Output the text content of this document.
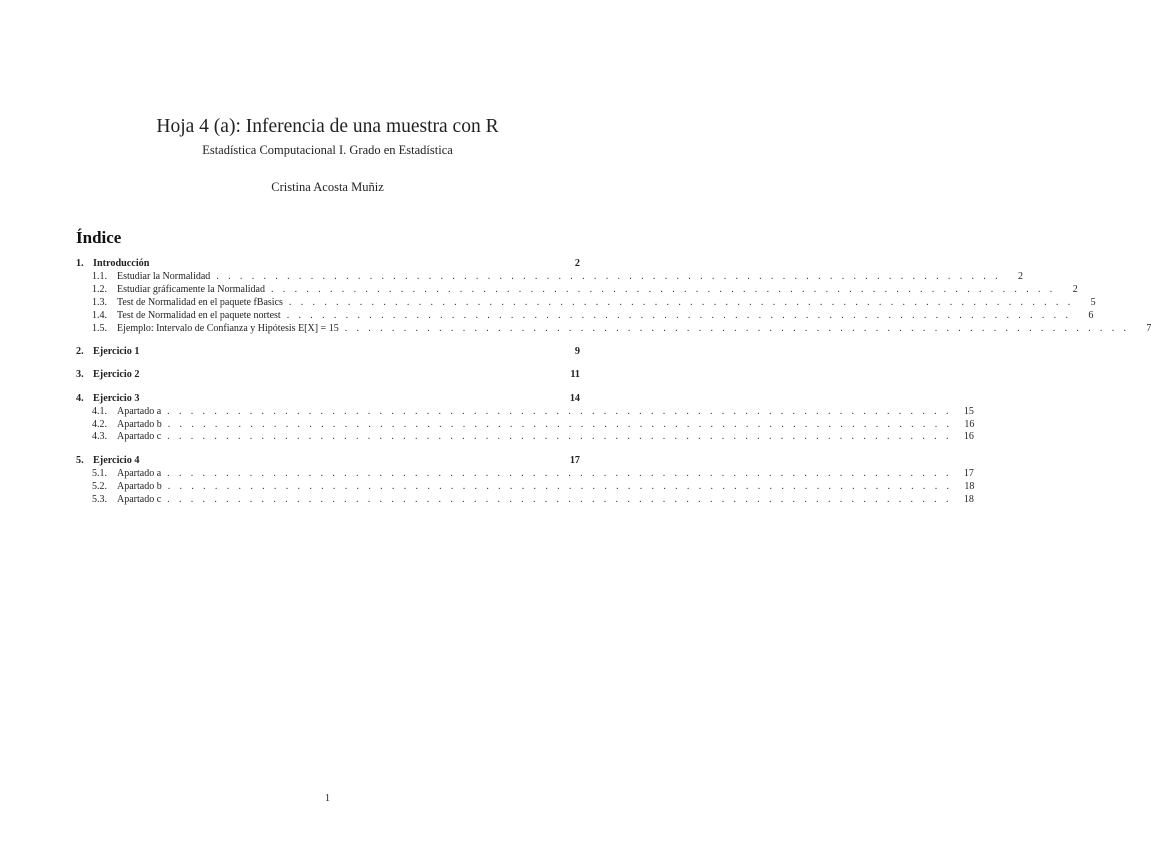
Hoja 4 (a): Inferencia de una muestra con R
Estadística Computacional I. Grado en Estadística
Cristina Acosta Muñiz
Índice
1. Introducción	2
1.1.	Estudiar la Normalidad . . . . . . . . . . . . . . . . . . . . . . . . . . . . . . . . . . . . . . . . . . . . . . . . . . . . . . . . . . . . . . . . . . .	2
1.2.	Estudiar gráficamente la Normalidad . . . . . . . . . . . . . . . . . . . . . . . . . . . . . . . . . . . . . . . . . . . . . . . . . . . . . . . . . . . . . . . . . . .	2
1.3.	Test de Normalidad en el paquete fBasics . . . . . . . . . . . . . . . . . . . . . . . . . . . . . . . . . . . . . . . . . . . . . . . . . . . . . . . . . . . . . . . . . . .	5
1.4.	Test de Normalidad en el paquete nortest . . . . . . . . . . . . . . . . . . . . . . . . . . . . . . . . . . . . . . . . . . . . . . . . . . . . . . . . . . . . . . . . . . .	6
1.5.	Ejemplo: Intervalo de Confianza y Hipótesis E[X] = 15 . . . . . . . . . . . . . . . . . . . . . . . . . . . . . . . . . . . . . . . . . . . . . . . . . . . . . . . . . . . . . . . . . . .	7
2. Ejercicio 1	9
3. Ejercicio 2	11
4. Ejercicio 3	14
4.1.	Apartado a . . . . . . . . . . . . . . . . . . . . . . . . . . . . . . . . . . . . . . . . . . . . . . . . . . . . . . . . . . . . . . . . . . .	15
4.2.	Apartado b . . . . . . . . . . . . . . . . . . . . . . . . . . . . . . . . . . . . . . . . . . . . . . . . . . . . . . . . . . . . . . . . . . .	16
4.3.	Apartado c . . . . . . . . . . . . . . . . . . . . . . . . . . . . . . . . . . . . . . . . . . . . . . . . . . . . . . . . . . . . . . . . . . .	16
5. Ejercicio 4	17
5.1.	Apartado a . . . . . . . . . . . . . . . . . . . . . . . . . . . . . . . . . . . . . . . . . . . . . . . . . . . . . . . . . . . . . . . . . . .	17
5.2.	Apartado b . . . . . . . . . . . . . . . . . . . . . . . . . . . . . . . . . . . . . . . . . . . . . . . . . . . . . . . . . . . . . . . . . . .	18
5.3.	Apartado c . . . . . . . . . . . . . . . . . . . . . . . . . . . . . . . . . . . . . . . . . . . . . . . . . . . . . . . . . . . . . . . . . . .	18
1
